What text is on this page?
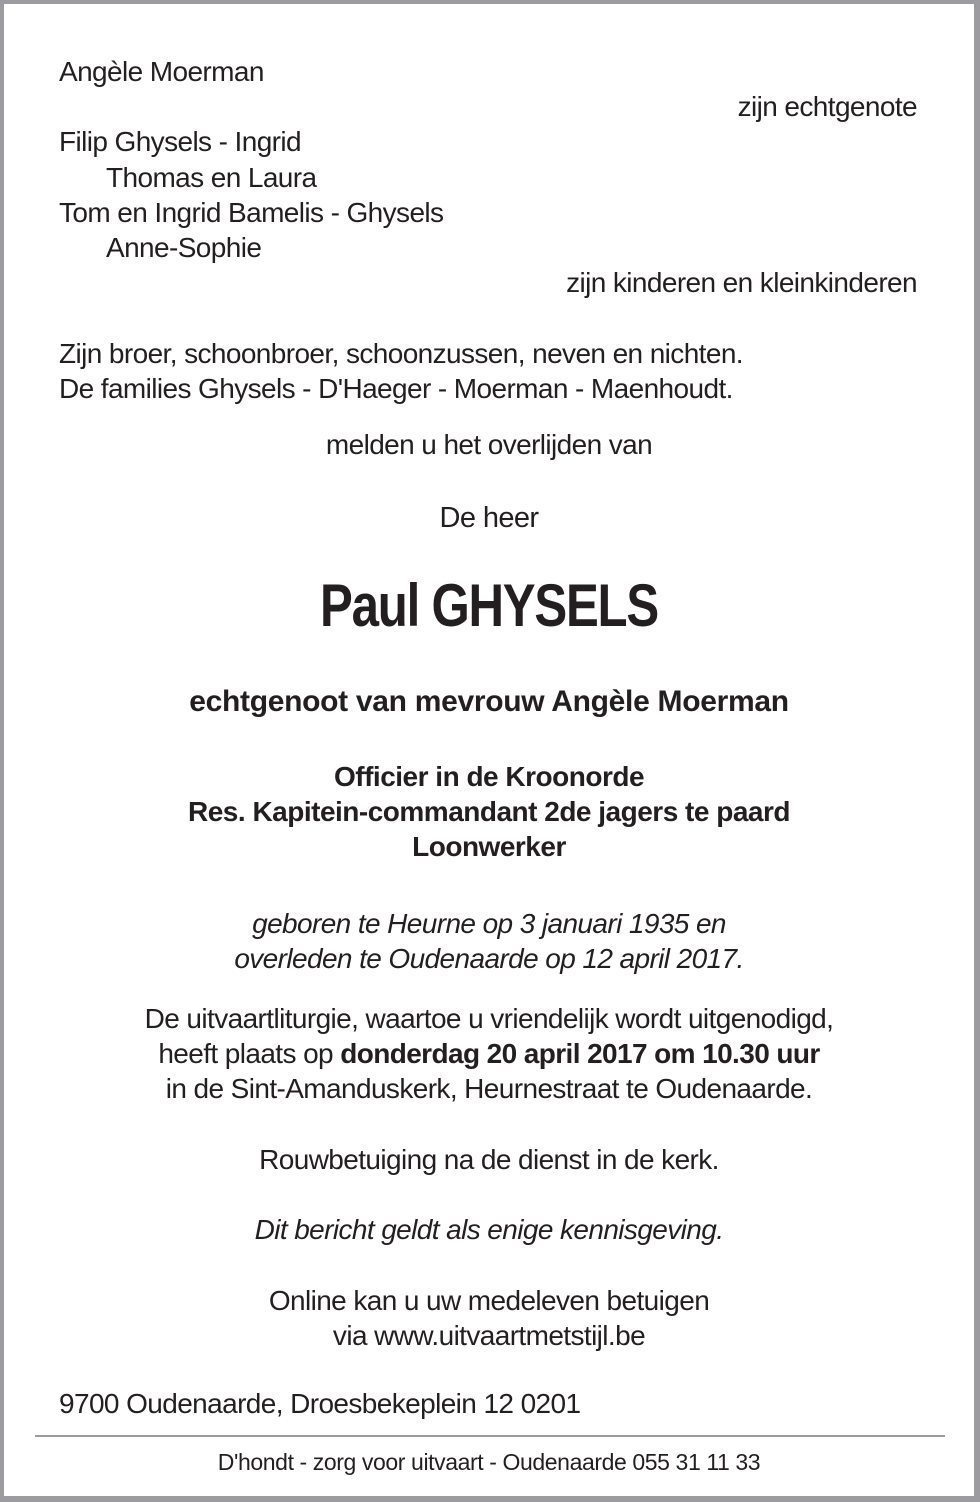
Angèle Moerman
zijn echtgenote
Filip Ghysels - Ingrid
Thomas en Laura
Tom en Ingrid Bamelis - Ghysels
Anne-Sophie
zijn kinderen en kleinkinderen
Zijn broer, schoonbroer, schoonzussen, neven en nichten.
De families Ghysels - D'Haeger - Moerman - Maenhoudt.
melden u het overlijden van
De heer
Paul GHYSELS
echtgenoot van mevrouw Angèle Moerman
Officier in de Kroonorde
Res. Kapitein-commandant 2de jagers te paard
Loonwerker
geboren te Heurne op 3 januari 1935 en
overleden te Oudenaarde op 12 april 2017.
De uitvaartliturgie, waartoe u vriendelijk wordt uitgenodigd,
heeft plaats op donderdag 20 april 2017 om 10.30 uur
in de Sint-Amanduskerk, Heurnestraat te Oudenaarde.
Rouwbetuiging na de dienst in de kerk.
Dit bericht geldt als enige kennisgeving.
Online kan u uw medeleven betuigen
via www.uitvaartmetstijl.be
9700 Oudenaarde, Droesbekeplein 12 0201
D'hondt - zorg voor uitvaart - Oudenaarde 055 31 11 33
